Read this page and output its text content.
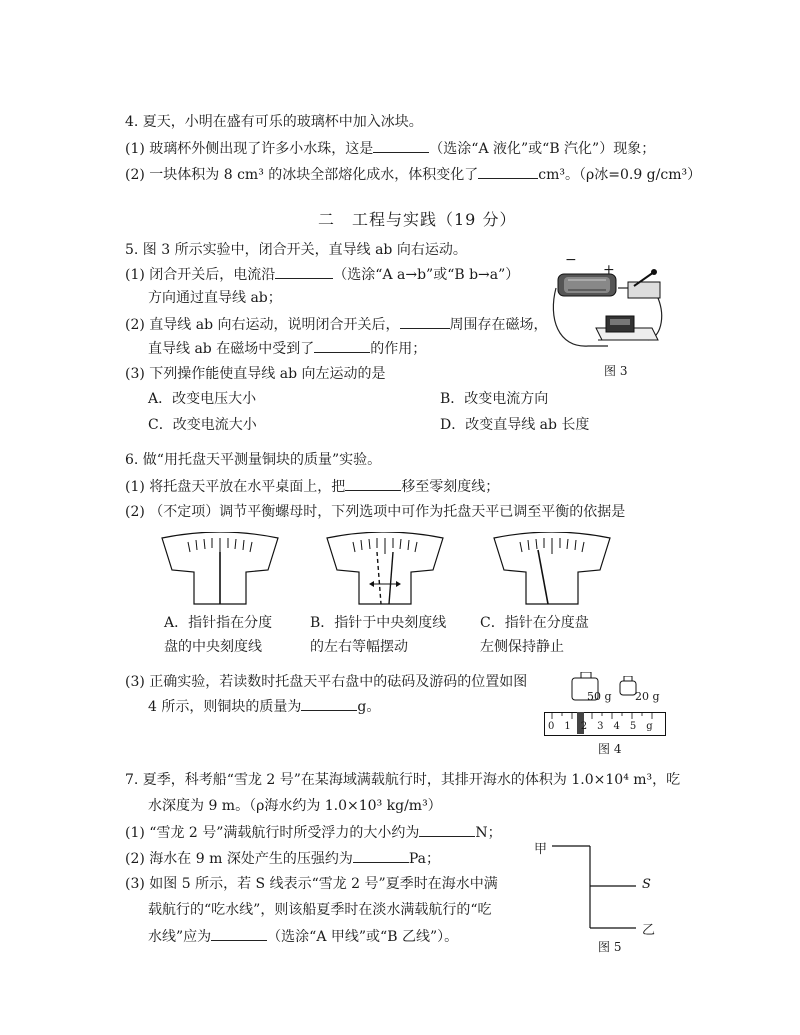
4. 夏天，小明在盛有可乐的玻璃杯中加入冰块。
(1) 玻璃杯外侧出现了许多小水珠，这是	（选涂“A 液化”或“B 汽化”）现象；
(2) 一块体积为 8 cm³ 的冰块全部熔化成水，体积变化了	cm³。（ρ冰=0.9 g/cm³）
二　工程与实践（19 分）
5. 图 3 所示实验中，闭合开关，直导线 ab 向右运动。
(1) 闭合开关后，电流沿	（选涂“A a→b”或“B b→a”）
方向通过直导线 ab；
(2) 直导线 ab 向右运动，说明闭合开关后，	周围存在磁场，
直导线 ab 在磁场中受到了	的作用；
(3) 下列操作能使直导线 ab 向左运动的是
A．改变电压大小	B．改变电流方向
C．改变电流大小	D．改变直导线 ab 长度
−
+
图 3
6. 做“用托盘天平测量铜块的质量”实验。
(1) 将托盘天平放在水平桌面上，把	移至零刻度线；
(2) （不定项）调节平衡螺母时，下列选项中可作为托盘天平已调至平衡的依据是
A．指针指在分度
盘的中央刻度线
B．指针于中央刻度线
的左右等幅摆动
C．指针在分度盘
左侧保持静止
(3) 正确实验，若读数时托盘天平右盘中的砝码及游码的位置如图
4 所示，则铜块的质量为	g。
50 g 20 g
012345g
图 4
7. 夏季，科考船“雪龙 2 号”在某海域满载航行时，其排开海水的体积为 1.0×10⁴ m³，吃
水深度为 9 m。（ρ海水约为 1.0×10³ kg/m³）
(1) “雪龙 2 号”满载航行时所受浮力的大小约为	N；
(2) 海水在 9 m 深处产生的压强约为	Pa；
(3) 如图 5 所示，若 S 线表示“雪龙 2 号”夏季时在海水中满
载航行的“吃水线”，则该船夏季时在淡水满载航行的“吃
水线”应为	（选涂“A 甲线”或“B 乙线”）。
甲
S
乙
图 5
